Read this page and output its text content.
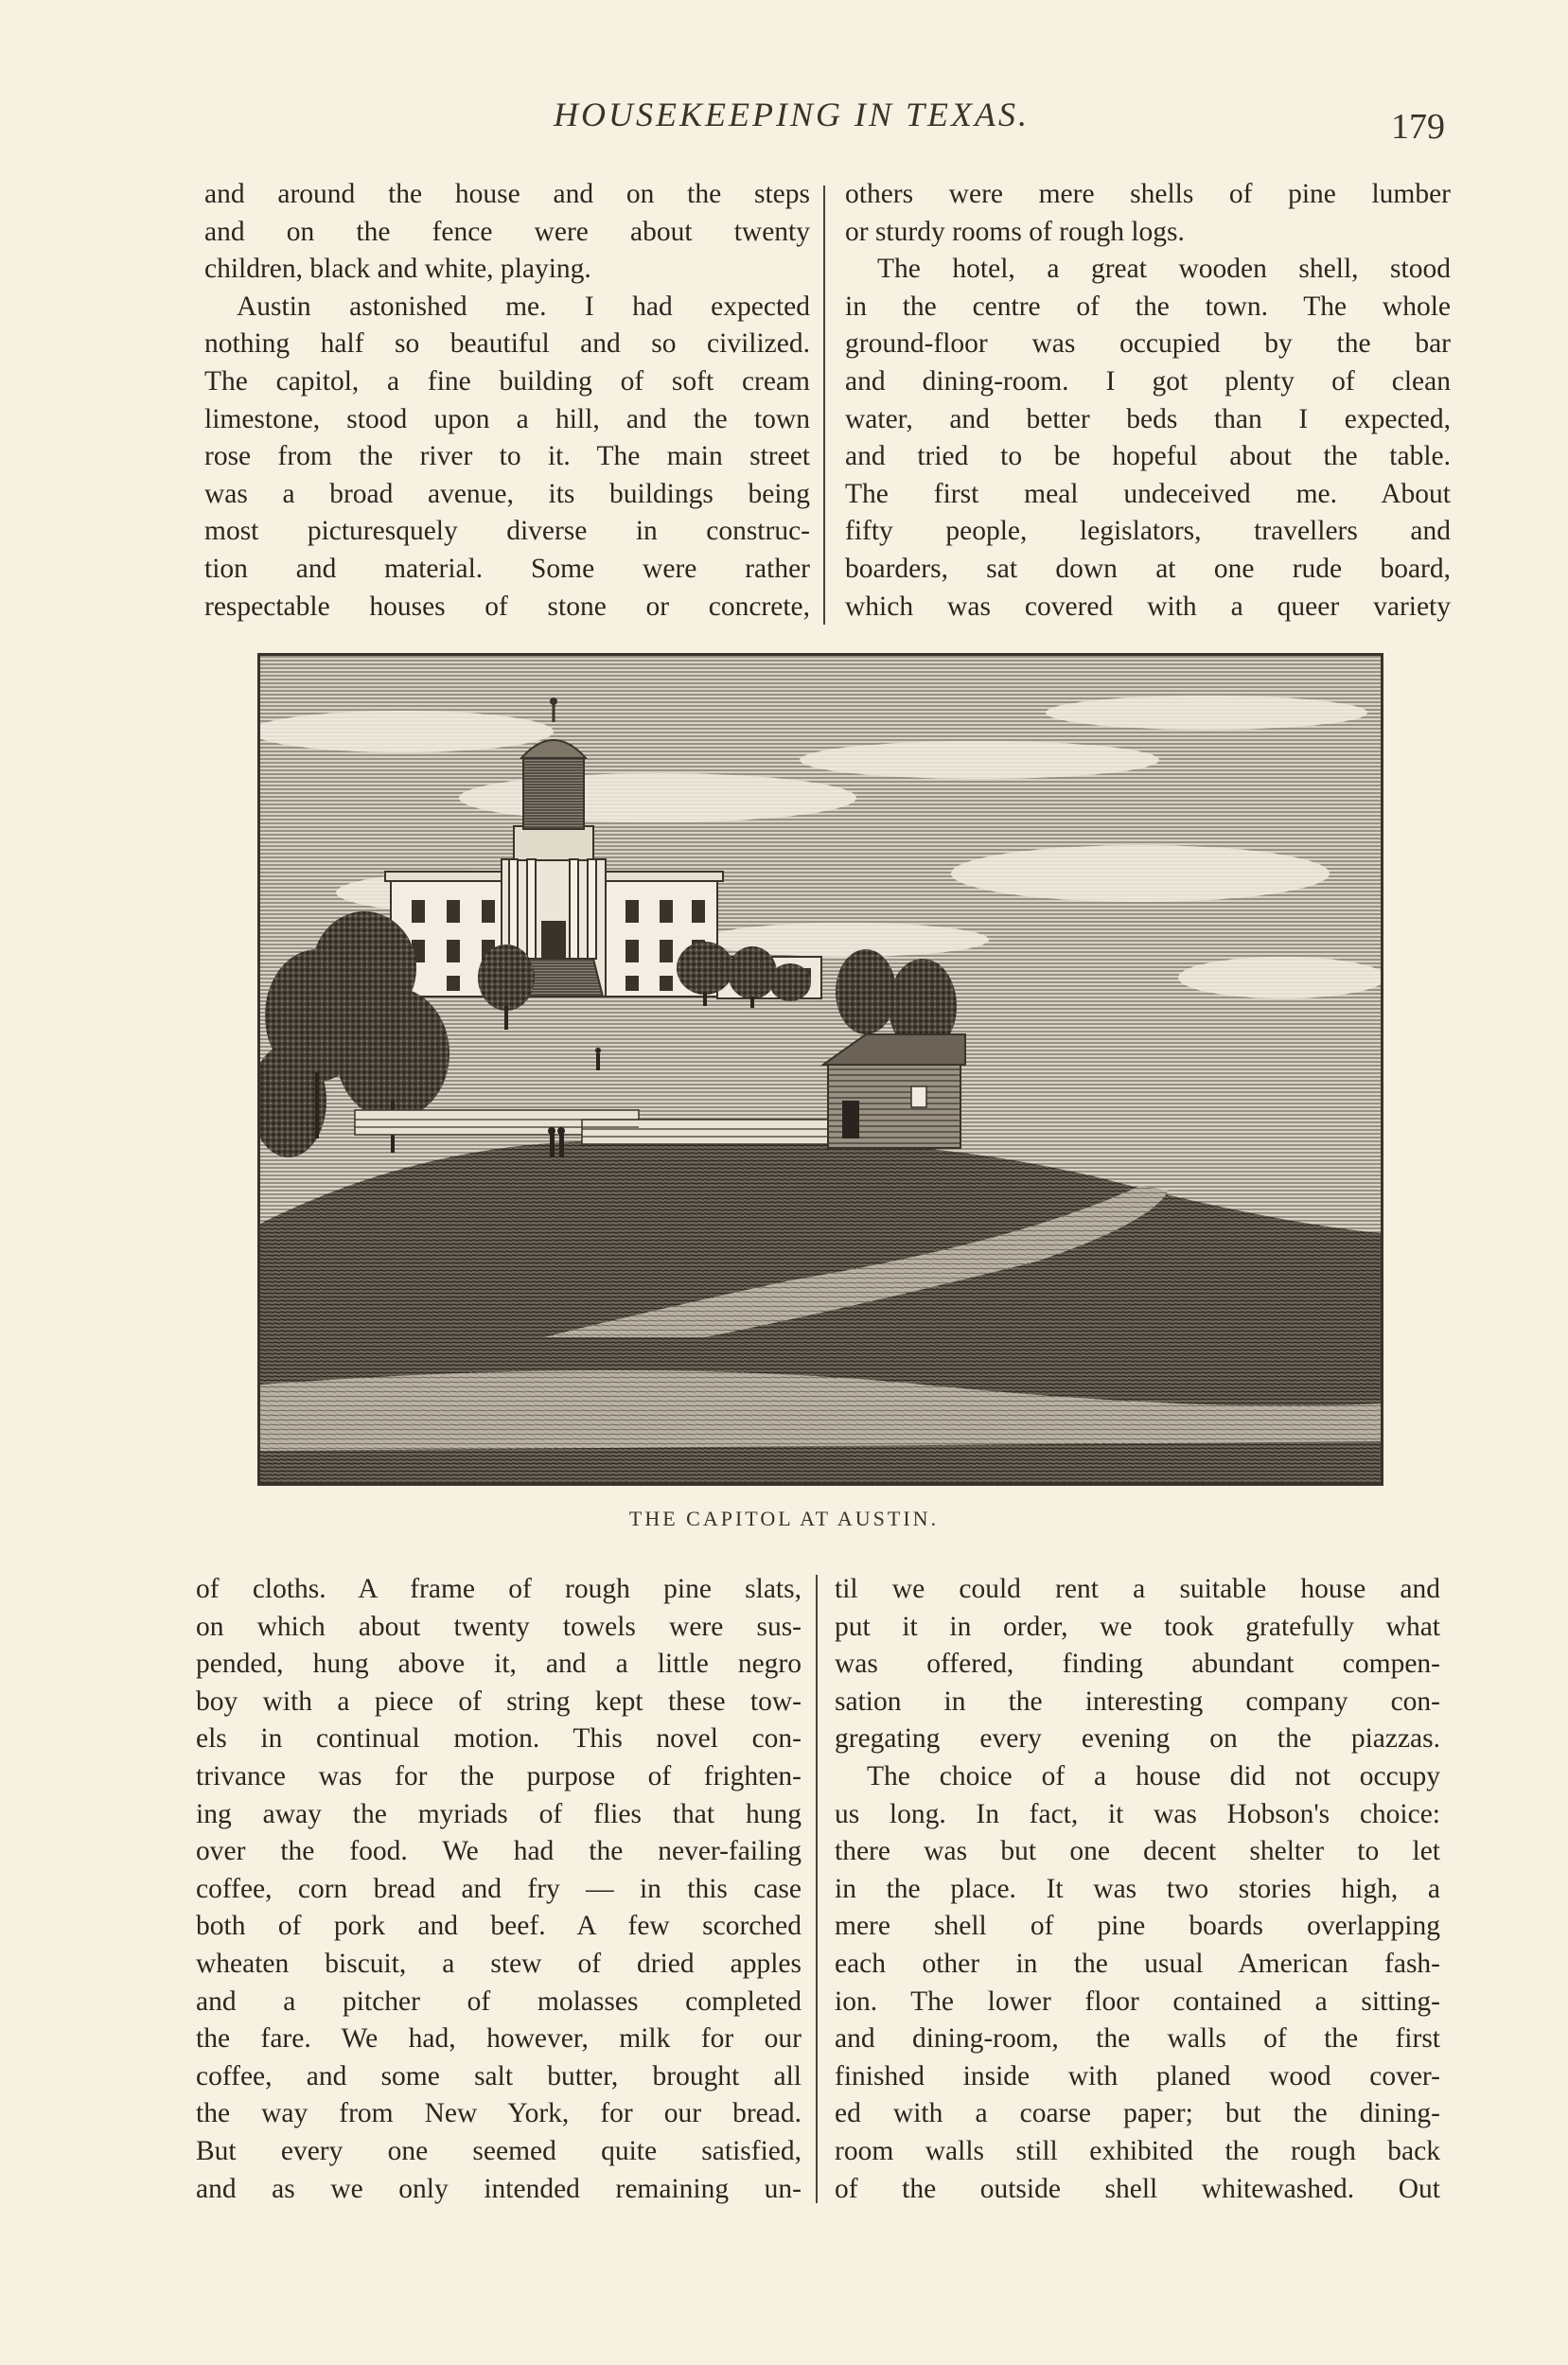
HOUSEKEEPING IN TEXAS.	179
and around the house and on the steps
and on the fence were about twenty
children, black and white, playing.
Austin astonished me. I had expected
nothing half so beautiful and so civilized.
The capitol, a fine building of soft cream
limestone, stood upon a hill, and the town
rose from the river to it. The main street
was a broad avenue, its buildings being
most picturesquely diverse in construc-
tion and material. Some were rather
respectable houses of stone or concrete,
others were mere shells of pine lumber
or sturdy rooms of rough logs.
The hotel, a great wooden shell, stood
in the centre of the town. The whole
ground-floor was occupied by the bar
and dining-room. I got plenty of clean
water, and better beds than I expected,
and tried to be hopeful about the table.
The first meal undeceived me. About
fifty people, legislators, travellers and
boarders, sat down at one rude board,
which was covered with a queer variety
THE CAPITOL AT AUSTIN.
of cloths. A frame of rough pine slats,
on which about twenty towels were sus-
pended, hung above it, and a little negro
boy with a piece of string kept these tow-
els in continual motion. This novel con-
trivance was for the purpose of frighten-
ing away the myriads of flies that hung
over the food. We had the never-failing
coffee, corn bread and fry — in this case
both of pork and beef. A few scorched
wheaten biscuit, a stew of dried apples
and a pitcher of molasses completed
the fare. We had, however, milk for our
coffee, and some salt butter, brought all
the way from New York, for our bread.
But every one seemed quite satisfied,
and as we only intended remaining un-
til we could rent a suitable house and
put it in order, we took gratefully what
was offered, finding abundant compen-
sation in the interesting company con-
gregating every evening on the piazzas.
The choice of a house did not occupy
us long. In fact, it was Hobson's choice:
there was but one decent shelter to let
in the place. It was two stories high, a
mere shell of pine boards overlapping
each other in the usual American fash-
ion. The lower floor contained a sitting-
and dining-room, the walls of the first
finished inside with planed wood cover-
ed with a coarse paper; but the dining-
room walls still exhibited the rough back
of the outside shell whitewashed. Out
